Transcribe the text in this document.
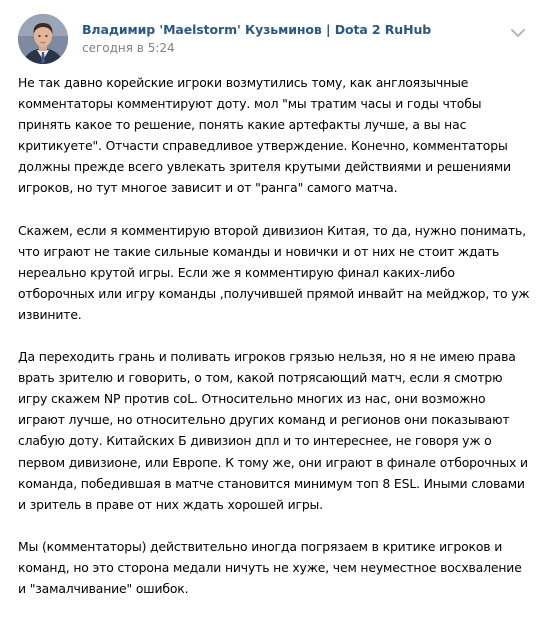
Владимир 'Maelstorm' Кузьминов | Dota 2 RuHub
сегодня в 5:24

Не так давно корейские игроки возмутились тому, как англоязычные комментаторы комментируют доту. мол "мы тратим часы и годы чтобы принять какое то решение, понять какие артефакты лучше, а вы нас критикуете". Отчасти справедливое утверждение. Конечно, комментаторы должны прежде всего увлекать зрителя крутыми действиями и решениями игроков, но тут многое зависит и от "ранга" самого матча.

Скажем, если я комментирую второй дивизион Китая, то да, нужно понимать, что играют не такие сильные команды и новички и от них не стоит ждать нереально крутой игры. Если же я комментирую финал каких-либо отборочных или игру команды ,получившей прямой инвайт на мейджор, то уж извините.

Да переходить грань и поливать игроков грязью нельзя, но я не имею права врать зрителю и говорить, о том, какой потрясающий матч, если я смотрю игру скажем NP против coL. Относительно многих из нас, они возможно играют лучше, но относительно других команд и регионов они показывают слабую доту. Китайских Б дивизион дпл и то интереснее, не говоря уж о первом дивизионе, или Европе. К тому же, они играют в финале отборочных и команда, победившая в матче становится минимум топ 8 ESL. Иными словами и зритель в праве от них ждать хорошей игры.

Мы (комментаторы) действительно иногда погрязаем в критике игроков и команд, но это сторона медали ничуть не хуже, чем неуместное восхваление и "замалчивание" ошибок.
